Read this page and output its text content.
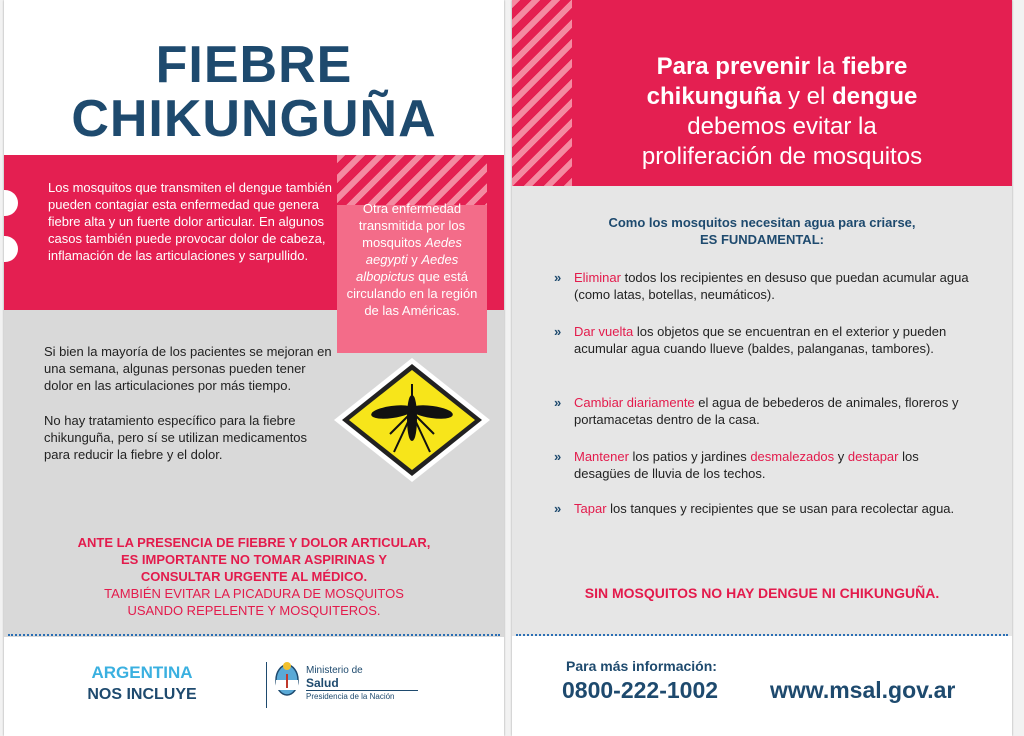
FIEBRE
CHIKUNGUÑA
Los mosquitos que transmiten el dengue también pueden contagiar esta enfermedad que genera fiebre alta y un fuerte dolor articular. En algunos casos también puede provocar dolor de cabeza, inflamación de las articulaciones y sarpullido.
Otra enfermedad transmitida por los mosquitos Aedes aegypti y Aedes albopictus que está circulando en la región de las Américas.

Si bien la mayoría de los pacientes se mejoran en una semana, algunas personas pueden tener dolor en las articulaciones por más tiempo.

No hay tratamiento específico para la fiebre chikunguña, pero sí se utilizan medicamentos para reducir la fiebre y el dolor.

ANTE LA PRESENCIA DE FIEBRE Y DOLOR ARTICULAR,
ES IMPORTANTE NO TOMAR ASPIRINAS Y
CONSULTAR URGENTE AL MÉDICO.
TAMBIÉN EVITAR LA PICADURA DE MOSQUITOS
USANDO REPELENTE Y MOSQUITEROS.
ARGENTINA
NOS INCLUYE
Ministerio de
Salud
Presidencia de la Nación
Para prevenir la fiebre
chikunguña y el dengue
debemos evitar la
proliferación de mosquitos
Como los mosquitos necesitan agua para criarse,
ES FUNDAMENTAL:
» Eliminar todos los recipientes en desuso que puedan acumular agua (como latas, botellas, neumáticos).
» Dar vuelta los objetos que se encuentran en el exterior y pueden acumular agua cuando llueve (baldes, palanganas, tambores).
» Cambiar diariamente el agua de bebederos de animales, floreros y portamacetas dentro de la casa.
» Mantener los patios y jardines desmalezados y destapar los desagües de lluvia de los techos.
» Tapar los tanques y recipientes que se usan para recolectar agua.
SIN MOSQUITOS NO HAY DENGUE NI CHIKUNGUÑA.
Para más información:
0800-222-1002 www.msal.gov.ar
